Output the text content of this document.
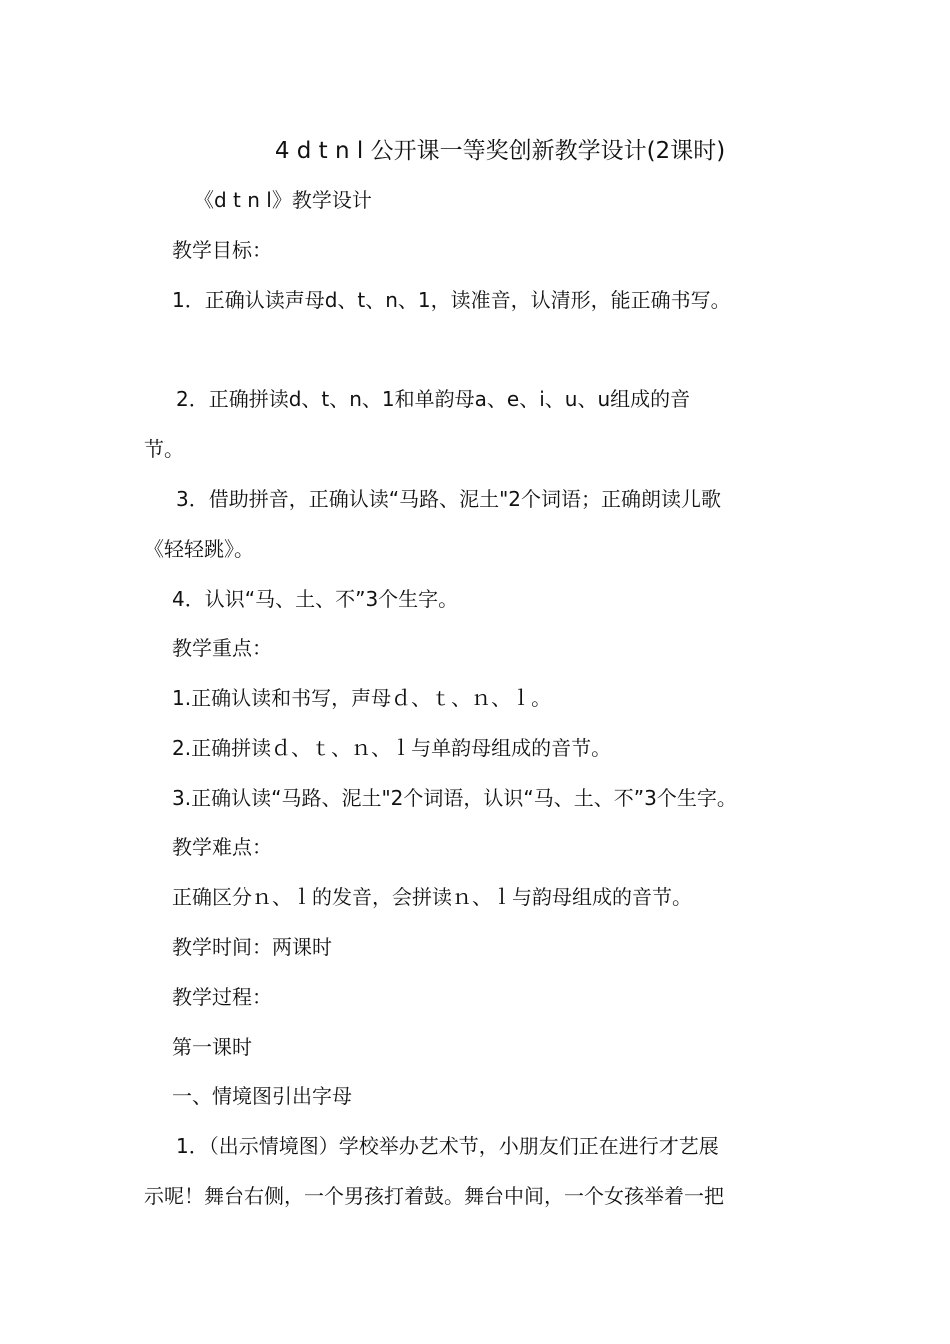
4 d t n l 公开课一等奖创新教学设计(2课时)
《d t n l》教学设计
教学目标：
1．正确认读声母d、t、n、1，读准音，认清形，能正确书写。
2．正确拼读d、t、n、1和单韵母a、e、i、u、u组成的音
节。
3．借助拼音，正确认读“马路、泥土"2个词语；正确朗读儿歌
《轻轻跳》。
4．认识“马、土、不”3个生字。
教学重点：
1.正确认读和书写，声母ｄ、ｔ、ｎ、ｌ。
2.正确拼读ｄ、ｔ、ｎ、ｌ与单韵母组成的音节。
3.正确认读“马路、泥土"2个词语，认识“马、土、不”3个生字。
教学难点：
正确区分ｎ、ｌ的发音，会拼读ｎ、ｌ与韵母组成的音节。
教学时间：两课时
教学过程：
第一课时
一、情境图引出字母
1．（出示情境图）学校举办艺术节，小朋友们正在进行才艺展
示呢！舞台右侧，一个男孩打着鼓。舞台中间，一个女孩举着一把
